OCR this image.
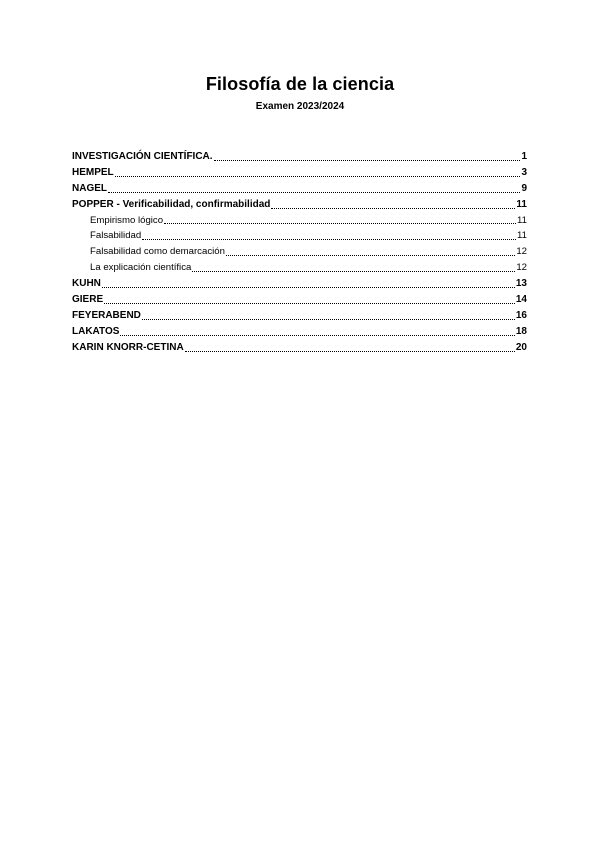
Filosofía de la ciencia
Examen 2023/2024
INVESTIGACIÓN CIENTÍFICA.	1
HEMPEL	3
NAGEL	9
POPPER - Verificabilidad, confirmabilidad	11
Empirismo lógico	11
Falsabilidad	11
Falsabilidad como demarcación	12
La explicación científica	12
KUHN	13
GIERE	14
FEYERABEND	16
LAKATOS	18
KARIN KNORR-CETINA	20
